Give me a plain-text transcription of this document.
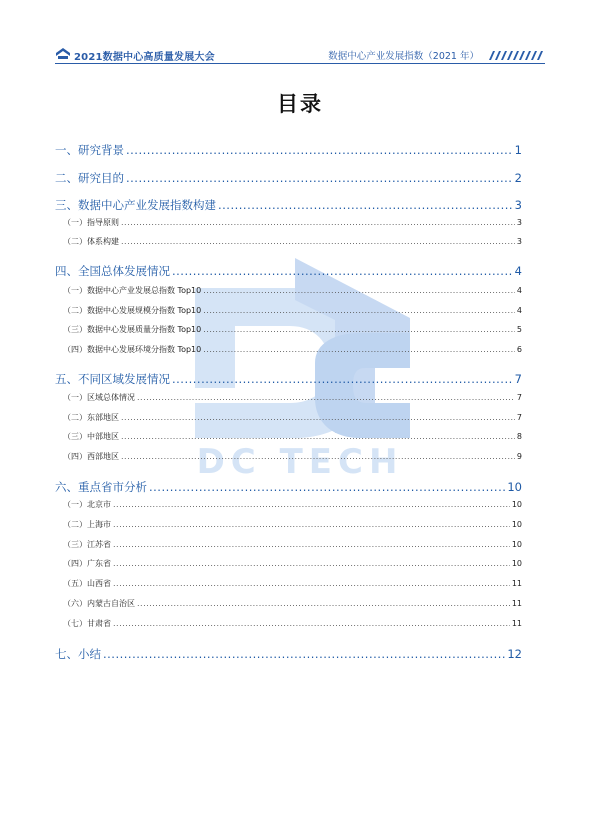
2021数据中心高质量发展大会	数据中心产业发展指数（2021 年）
DC TECH
目录
一、研究背景 .....	1
二、研究目的 .....	2
三、数据中心产业发展指数构建 .....	3
（一）指导原则 .....	3
（二）体系构建 .....	3
四、全国总体发展情况 .....	4
（一）数据中心产业发展总指数 Top10 .....	4
（二）数据中心发展规模分指数 Top10 .....	4
（三）数据中心发展质量分指数 Top10 .....	5
（四）数据中心发展环境分指数 Top10 .....	6
五、不同区域发展情况 .....	7
（一）区域总体情况 .....	7
（二）东部地区 .....	7
（三）中部地区 .....	8
（四）西部地区 .....	9
六、重点省市分析 .....	10
（一）北京市 .....	10
（二）上海市 .....	10
（三）江苏省 .....	10
（四）广东省 .....	10
（五）山西省 .....	11
（六）内蒙古自治区 .....	11
（七）甘肃省 .....	11
七、小结 .....	12
